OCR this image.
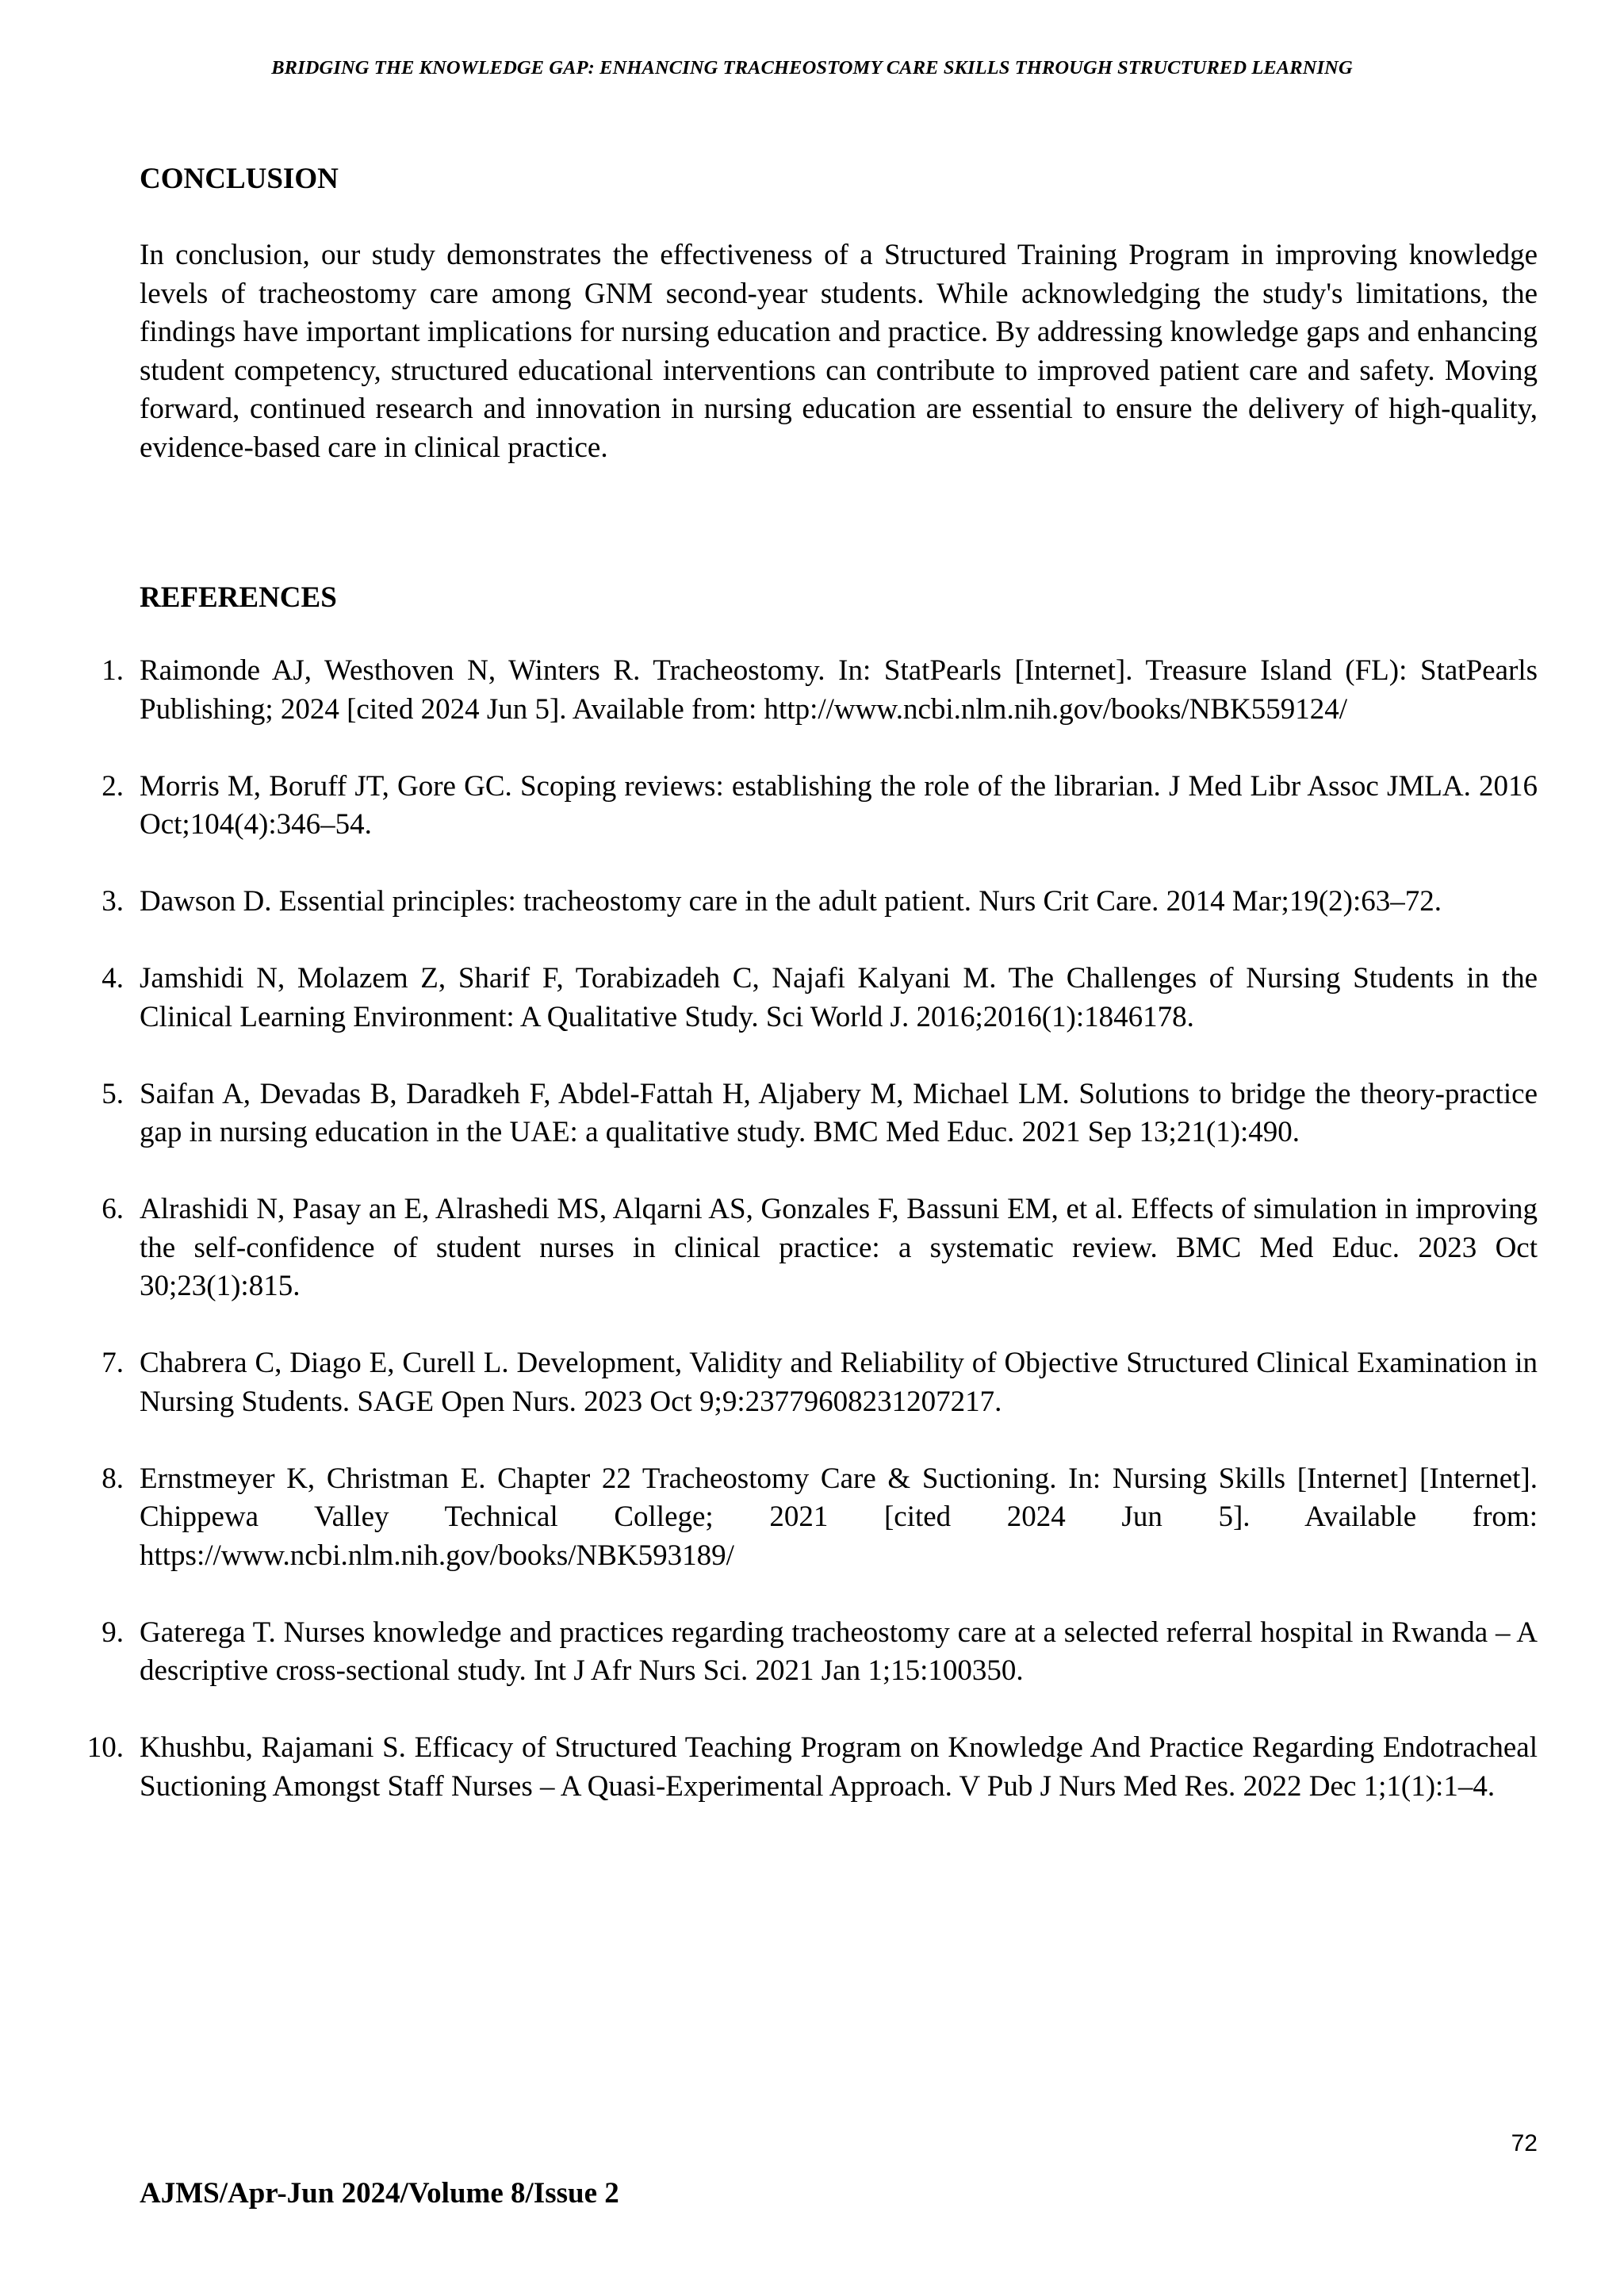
BRIDGING THE KNOWLEDGE GAP: ENHANCING TRACHEOSTOMY CARE SKILLS THROUGH STRUCTURED LEARNING
CONCLUSION

In conclusion, our study demonstrates the effectiveness of a Structured Training Program in improving knowledge levels of tracheostomy care among GNM second-year students. While acknowledging the study's limitations, the findings have important implications for nursing education and practice. By addressing knowledge gaps and enhancing student competency, structured educational interventions can contribute to improved patient care and safety. Moving forward, continued research and innovation in nursing education are essential to ensure the delivery of high-quality, evidence-based care in clinical practice.

REFERENCES
1. Raimonde AJ, Westhoven N, Winters R. Tracheostomy. In: StatPearls [Internet]. Treasure Island (FL): StatPearls Publishing; 2024 [cited 2024 Jun 5]. Available from: http://www.ncbi.nlm.nih.gov/books/NBK559124/
2. Morris M, Boruff JT, Gore GC. Scoping reviews: establishing the role of the librarian. J Med Libr Assoc JMLA. 2016 Oct;104(4):346–54.
3. Dawson D. Essential principles: tracheostomy care in the adult patient. Nurs Crit Care. 2014 Mar;19(2):63–72.
4. Jamshidi N, Molazem Z, Sharif F, Torabizadeh C, Najafi Kalyani M. The Challenges of Nursing Students in the Clinical Learning Environment: A Qualitative Study. Sci World J. 2016;2016(1):1846178.
5. Saifan A, Devadas B, Daradkeh F, Abdel-Fattah H, Aljabery M, Michael LM. Solutions to bridge the theory-practice gap in nursing education in the UAE: a qualitative study. BMC Med Educ. 2021 Sep 13;21(1):490.
6. Alrashidi N, Pasay an E, Alrashedi MS, Alqarni AS, Gonzales F, Bassuni EM, et al. Effects of simulation in improving the self-confidence of student nurses in clinical practice: a systematic review. BMC Med Educ. 2023 Oct 30;23(1):815.
7. Chabrera C, Diago E, Curell L. Development, Validity and Reliability of Objective Structured Clinical Examination in Nursing Students. SAGE Open Nurs. 2023 Oct 9;9:23779608231207217.
8. Ernstmeyer K, Christman E. Chapter 22 Tracheostomy Care & Suctioning. In: Nursing Skills [Internet] [Internet]. Chippewa Valley Technical College; 2021 [cited 2024 Jun 5]. Available from: https://www.ncbi.nlm.nih.gov/books/NBK593189/
9. Gaterega T. Nurses knowledge and practices regarding tracheostomy care at a selected referral hospital in Rwanda – A descriptive cross-sectional study. Int J Afr Nurs Sci. 2021 Jan 1;15:100350.
10. Khushbu, Rajamani S. Efficacy of Structured Teaching Program on Knowledge And Practice Regarding Endotracheal Suctioning Amongst Staff Nurses – A Quasi-Experimental Approach. V Pub J Nurs Med Res. 2022 Dec 1;1(1):1–4.
72
AJMS/Apr-Jun 2024/Volume 8/Issue 2
